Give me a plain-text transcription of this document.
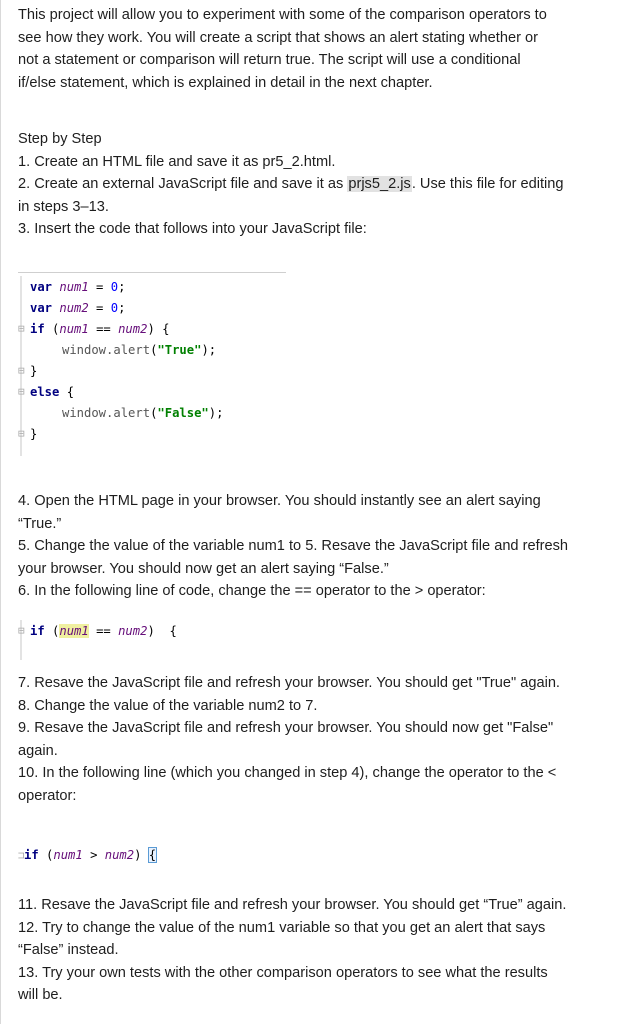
This project will allow you to experiment with some of the comparison operators to
see how they work. You will create a script that shows an alert stating whether or
not a statement or comparison will return true. The script will use a conditional
if/else statement, which is explained in detail in the next chapter.

Step by Step
1. Create an HTML file and save it as pr5_2.html.
2. Create an external JavaScript file and save it as prjs5_2.js. Use this file for editing
in steps 3–13.
3. Insert the code that follows into your JavaScript file:

var num1 = 0;
var num2 = 0;
⊟ if (num1 == num2) {
window.alert("True");
⊟ }
⊟ else {
window.alert("False");
⊟ }

4. Open the HTML page in your browser. You should instantly see an alert saying
“True.”
5. Change the value of the variable num1 to 5. Resave the JavaScript file and refresh
your browser. You should now get an alert saying “False.”
6. In the following line of code, change the == operator to the > operator:

⊟ if (num1 == num2)  {

7. Resave the JavaScript file and refresh your browser. You should get "True" again.
8. Change the value of the variable num2 to 7.
9. Resave the JavaScript file and refresh your browser. You should now get "False"
again.
10. In the following line (which you changed in step 4), change the operator to the <
operator:

⊐ if (num1 > num2) {

11. Resave the JavaScript file and refresh your browser. You should get “True” again.
12. Try to change the value of the num1 variable so that you get an alert that says
“False” instead.
13. Try your own tests with the other comparison operators to see what the results
will be.
